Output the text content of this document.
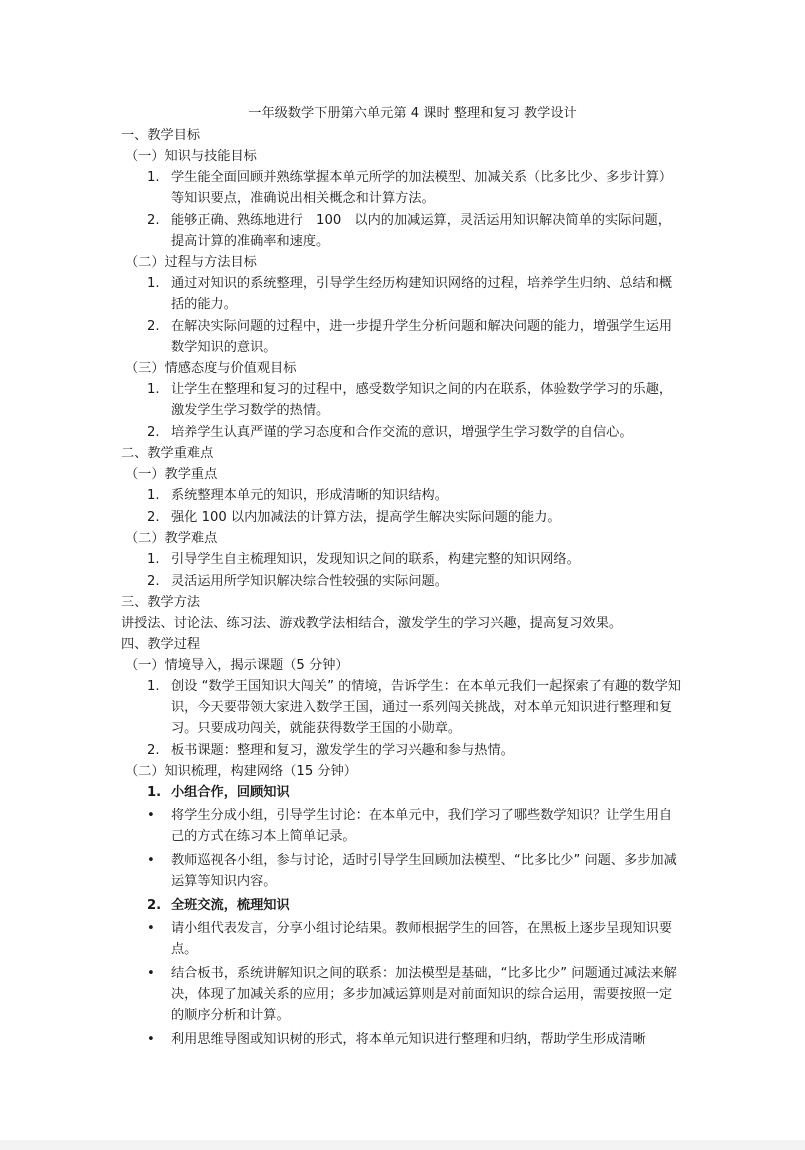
一年级数学下册第六单元第 4 课时 整理和复习 教学设计
一、教学目标
（一）知识与技能目标
1. 学生能全面回顾并熟练掌握本单元所学的加法模型、加减关系（比多比少、多步计算）等知识要点，准确说出相关概念和计算方法。
2. 能够正确、熟练地进行　100　以内的加减运算，灵活运用知识解决简单的实际问题，提高计算的准确率和速度。
（二）过程与方法目标
1. 通过对知识的系统整理，引导学生经历构建知识网络的过程，培养学生归纳、总结和概括的能力。
2. 在解决实际问题的过程中，进一步提升学生分析问题和解决问题的能力，增强学生运用数学知识的意识。
（三）情感态度与价值观目标
1. 让学生在整理和复习的过程中，感受数学知识之间的内在联系，体验数学学习的乐趣，激发学生学习数学的热情。
2. 培养学生认真严谨的学习态度和合作交流的意识，增强学生学习数学的自信心。
二、教学重难点
（一）教学重点
1. 系统整理本单元的知识，形成清晰的知识结构。
2. 强化 100 以内加减法的计算方法，提高学生解决实际问题的能力。
（二）教学难点
1. 引导学生自主梳理知识，发现知识之间的联系，构建完整的知识网络。
2. 灵活运用所学知识解决综合性较强的实际问题。
三、教学方法
讲授法、讨论法、练习法、游戏教学法相结合，激发学生的学习兴趣，提高复习效果。
四、教学过程
（一）情境导入，揭示课题（5 分钟）
1. 创设 “数学王国知识大闯关” 的情境，告诉学生：在本单元我们一起探索了有趣的数学知识，今天要带领大家进入数学王国，通过一系列闯关挑战，对本单元知识进行整理和复习。只要成功闯关，就能获得数学王国的小勋章。
2. 板书课题：整理和复习，激发学生的学习兴趣和参与热情。
（二）知识梳理，构建网络（15 分钟）
1. 小组合作，回顾知识
• 将学生分成小组，引导学生讨论：在本单元中，我们学习了哪些数学知识？让学生用自己的方式在练习本上简单记录。
• 教师巡视各小组，参与讨论，适时引导学生回顾加法模型、“比多比少” 问题、多步加减运算等知识内容。
2. 全班交流，梳理知识
• 请小组代表发言，分享小组讨论结果。教师根据学生的回答，在黑板上逐步呈现知识要点。
• 结合板书，系统讲解知识之间的联系：加法模型是基础，“比多比少” 问题通过减法来解决，体现了加减关系的应用；多步加减运算则是对前面知识的综合运用，需要按照一定的顺序分析和计算。
• 利用思维导图或知识树的形式，将本单元知识进行整理和归纳，帮助学生形成清晰
